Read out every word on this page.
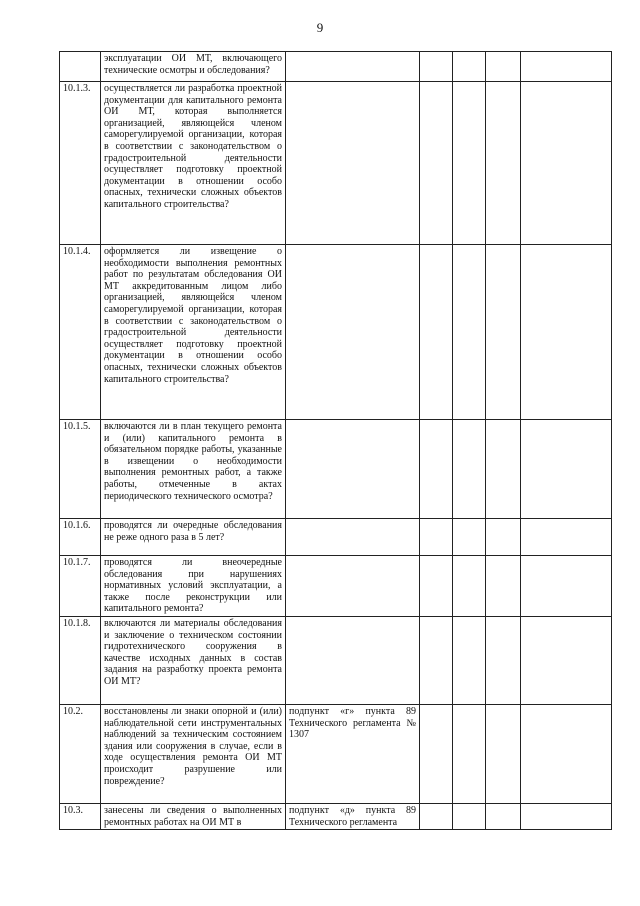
9
	эксплуатации ОИ МТ, включающего технические осмотры и обследования?					
10.1.3.	осуществляется ли разработка проектной документации для капитального ремонта ОИ МТ, которая выполняется организацией, являющейся членом саморегулируемой организации, которая в соответствии с законодательством о градостроительной деятельности осуществляет подготовку проектной документации в отношении особо опасных, технически сложных объектов капитального строительства?					
10.1.4.	оформляется ли извещение о необходимости выполнения ремонтных работ по результатам обследования ОИ МТ аккредитованным лицом либо организацией, являющейся членом саморегулируемой организации, которая в соответствии с законодательством о градостроительной деятельности осуществляет подготовку проектной документации в отношении особо опасных, технически сложных объектов капитального строительства?					
10.1.5.	включаются ли в план текущего ремонта и (или) капитального ремонта в обязательном порядке работы, указанные в извещении о необходимости выполнения ремонтных работ, а также работы, отмеченные в актах периодического технического осмотра?					
10.1.6.	проводятся ли очередные обследования не реже одного раза в 5 лет?					
10.1.7.	проводятся ли внеочередные обследования при нарушениях нормативных условий эксплуатации, а также после реконструкции или капитального ремонта?					
10.1.8.	включаются ли материалы обследования и заключение о техническом состоянии гидротехнического сооружения в качестве исходных данных в состав задания на разработку проекта ремонта ОИ МТ?					
10.2.	восстановлены ли знаки опорной и (или) наблюдательной сети инструментальных наблюдений за техническим состоянием здания или сооружения в случае, если в ходе осуществления ремонта ОИ МТ происходит разрушение или повреждение?	подпункт «г» пункта 89 Технического регламента № 1307				
10.3.	занесены ли сведения о выполненных ремонтных работах на ОИ МТ в	подпункт «д» пункта 89 Технического регламента				
